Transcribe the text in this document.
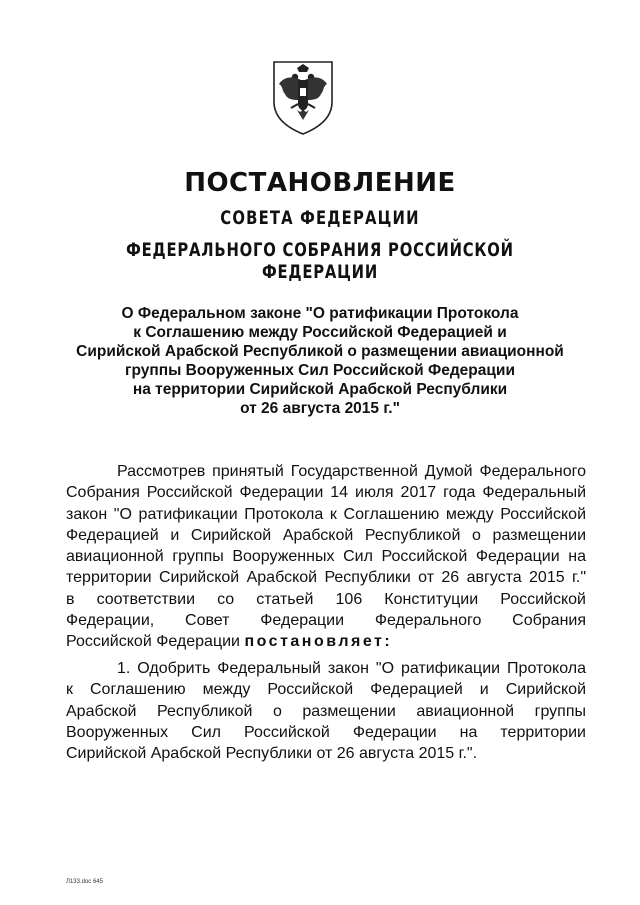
ПОСТАНОВЛЕНИЕ
СОВЕТА ФЕДЕРАЦИИ
ФЕДЕРАЛЬНОГО СОБРАНИЯ РОССИЙСКОЙ ФЕДЕРАЦИИ
О Федеральном законе "О ратификации Протокола
к Соглашению между Российской Федерацией и
Сирийской Арабской Республикой о размещении авиационной
группы Вооруженных Сил Российской Федерации
на территории Сирийской Арабской Республики
от 26 августа 2015 г."
Рассмотрев принятый Государственной Думой Федерального
Собрания Российской Федерации 14 июля 2017 года Федеральный
закон "О ратификации Протокола к Соглашению между Российской
Федерацией и Сирийской Арабской Республикой о размещении
авиационной группы Вооруженных Сил Российской Федерации на
территории Сирийской Арабской Республики от 26 августа 2015 г."
в соответствии со статьей 106 Конституции Российской
Федерации, Совет Федерации Федерального Собрания
Российской Федерации постановляет:
1. Одобрить Федеральный закон "О ратификации Протокола
к Соглашению между Российской Федерацией и Сирийской
Арабской Республикой о размещении авиационной группы
Вооруженных Сил Российской Федерации на территории
Сирийской Арабской Республики от 26 августа 2015 г.".
Л133.doc 645
